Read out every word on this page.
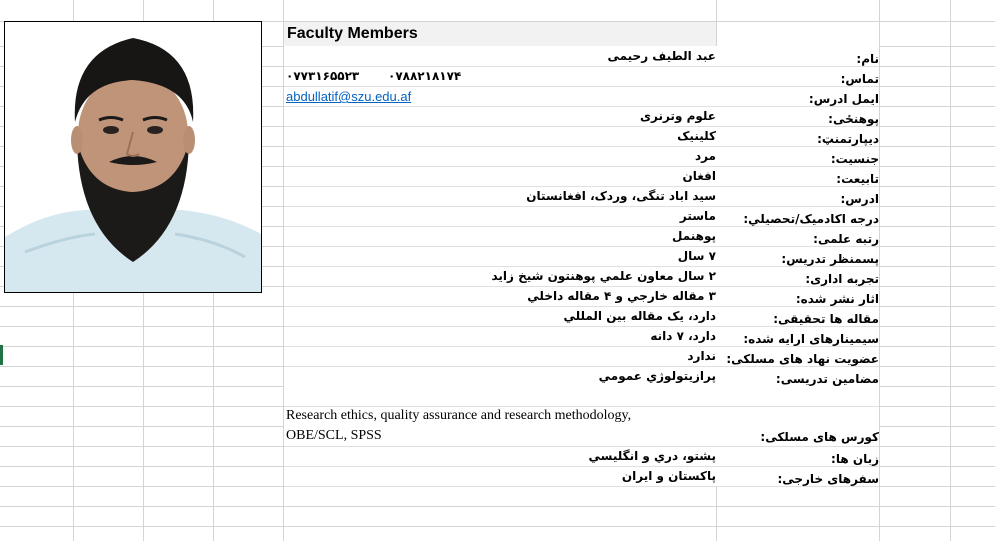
Faculty Members
عبد الطيف رحيمی	نام:
۰۷۷۳۱۶۵۵۲۳ ۰۷۸۸۲۱۸۱۷۴	تماس:
abdullatif@szu.edu.af	ایمل ادرس:
علوم وترنری	پوهنځی:
کلینیک	دیپارتمنټ:
مرد	جنسیت:
افغان	تابیعت:
سید اباد تنگی، وردک، افغانستان	ادرس:
ماستر	درجه اکادمیک/تحصیلي:
پوهنمل	رتبه علمی:
۷ سال	پسمنظر تدریس:
۲ سال معاون علمي پوهنتون شیخ زاید	تجربه اداری:
۳ مقاله خارجي و ۴ مقاله داخلي	اثار نشر شده:
دارد، یک مقاله بین المللي	مقاله ها تحقیقی:
دارد، ۷ دانه	سیمینارهای ارایه شده:
ندارد عضویت نهاد های مسلکی:
پرازیتولوژي عمومي	مضامین تدریسی:
Research ethics, quality assurance and research methodology,
OBE/SCL, SPSS	کورس های مسلکی:
پشتو، دري و انگلیسي	زبان ها:
پاکستان و ایران	سفرهای خارجی:
